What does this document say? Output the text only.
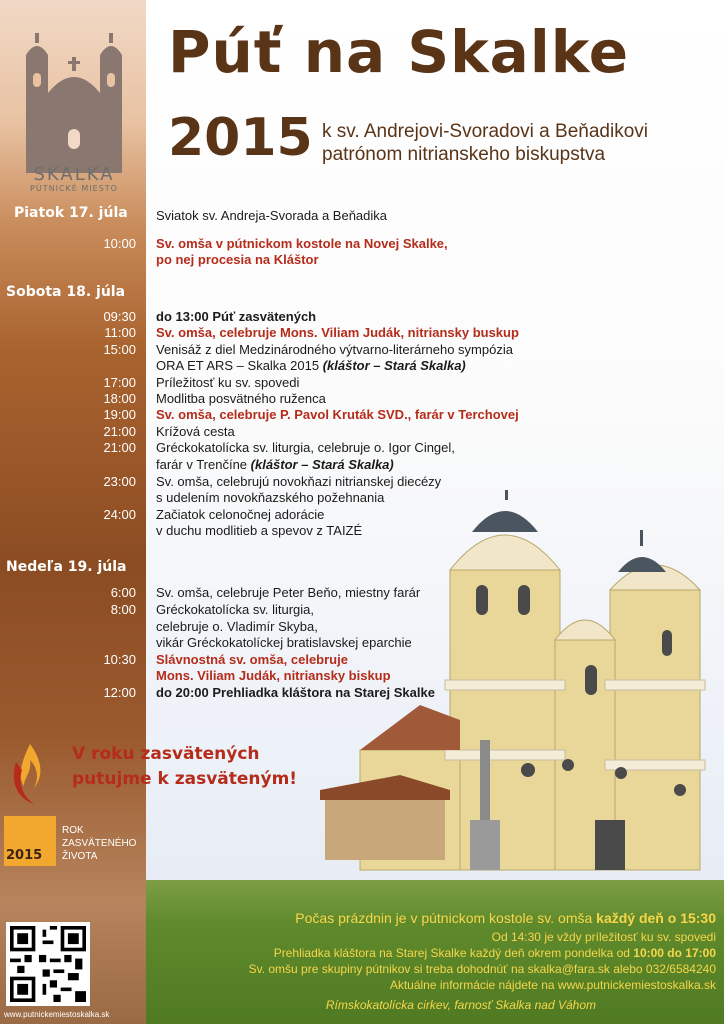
SKALKA
PÚTNICKÉ MIESTO
Púť na Skalke
2015 k sv. Andrejovi-Svoradovi a Beňadikovi
patrónom nitrianskeho biskupstva
Piatok 17. júla Sviatok sv. Andreja-Svorada a Beňadika
10:00 Sv. omša v pútnickom kostole na Novej Skalke,
po nej procesia na Kláštor
Sobota 18. júla
09:30 do 13:00 Púť zasvätených
11:00 Sv. omša, celebruje Mons. Viliam Judák, nitriansky buskup
15:00 Venisáž z diel Medzinárodného výtvarno-literárneho sympózia
ORA ET ARS – Skalka 2015 (kláštor – Stará Skalka)
17:00 Príležitosť ku sv. spovedi
18:00 Modlitba posvätného ruženca
19:00 Sv. omša, celebruje P. Pavol Kruták SVD., farár v Terchovej
21:00 Krížová cesta
21:00 Gréckokatolícka sv. liturgia, celebruje o. Igor Cingel,
farár v Trenčíne (kláštor – Stará Skalka)
23:00 Sv. omša, celebrujú novokňazi nitrianskej diecézy
s udelením novokňazského požehnania
24:00 Začiatok celonočnej adorácie
v duchu modlitieb a spevov z TAIZÉ
Nedeľa 19. júla
6:00 Sv. omša, celebruje Peter Beňo, miestny farár
8:00 Gréckokatolícka sv. liturgia,
celebruje o. Vladimír Skyba,
vikár Gréckokatolíckej bratislavskej eparchie
10:30 Slávnostná sv. omša, celebruje
Mons. Viliam Judák, nitriansky biskup
12:00 do 20:00 Prehliadka kláštora na Starej Skalke
V roku zasvätených
putujme k zasväteným!
2015
ROK
ZASVÄTENÉHO
ŽIVOTA
www.putnickemiestoskalka.sk
Počas prázdnin je v pútnickom kostole sv. omša každý deň o 15:30
Od 14:30 je vždy príležitosť ku sv. spovedi
Prehliadka kláštora na Starej Skalke každý deň okrem pondelka od 10:00 do 17:00
Sv. omšu pre skupiny pútnikov si treba dohodnúť na skalka@fara.sk alebo 032/6584240
Aktuálne informácie nájdete na www.putnickemiestoskalka.sk
Rímskokatolícka cirkev, farnosť Skalka nad Váhom
